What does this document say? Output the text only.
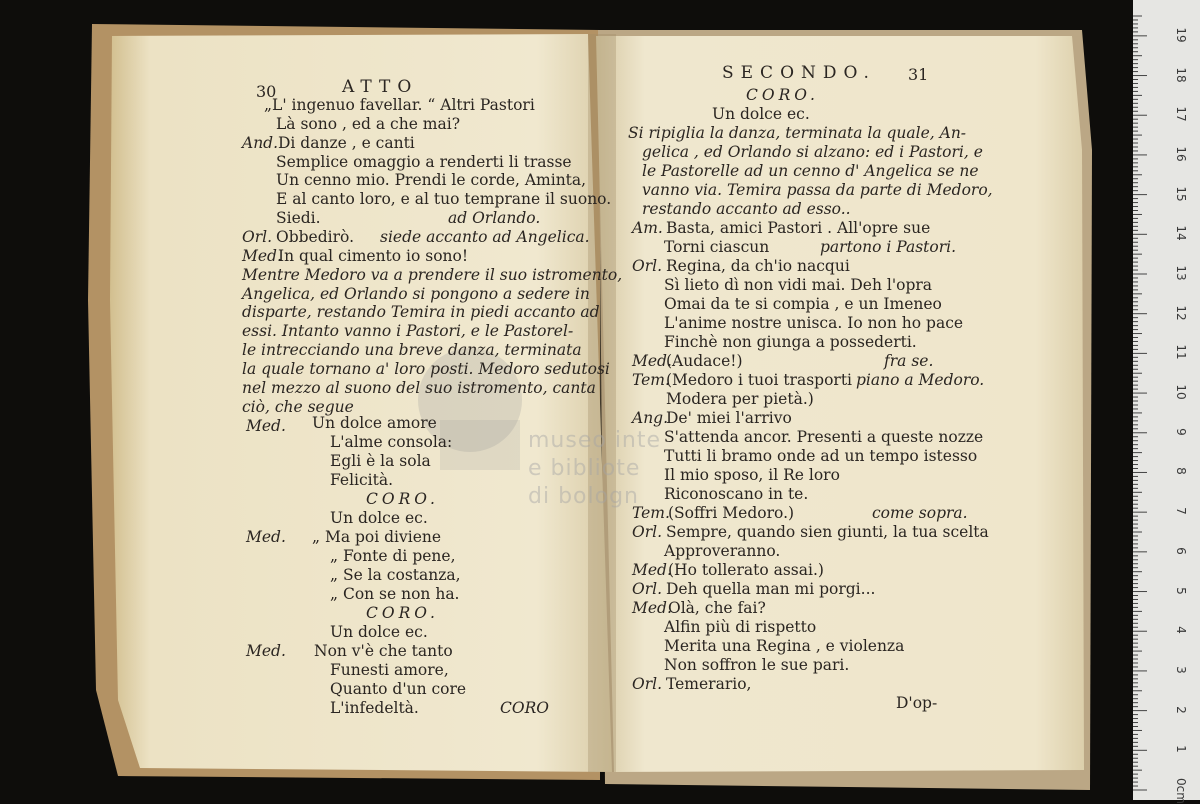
museo inte
e bibliote
di bologn
30	ATTO
„L' ingenuo favellar. “ Altri Pastori
Là sono , ed a che mai?
And. Di danze , e canti
Semplice omaggio a renderti li trasse
Un cenno mio. Prendi le corde, Aminta,
E al canto loro, e al tuo temprane il suono.
Siedi.	ad Orlando.
Orl. Obbedirò. siede accanto ad Angelica.
Med.
In qual cimento io sono!
Mentre Medoro va a prendere il suo istromento,
Angelica, ed Orlando si pongono a sedere in
disparte, restando Temira in piedi accanto ad
essi. Intanto vanno i Pastori, e le Pastorel-
le intrecciando una breve danza, terminata
la quale tornano a' loro posti. Medoro sedutosi
nel mezzo al suono del suo istromento, canta
ciò, che segue
Med. Un dolce amore
L'alme consola:
Egli è la sola
Felicità.
CORO.
Un dolce ec.
Med. „ Ma poi diviene
„ Fonte di pene,
„ Se la costanza,
„ Con se non ha.
CORO.
Un dolce ec.
Med. Non v'è che tanto
Funesti amore,
Quanto d'un core
L'infedeltà.	CORO
SECONDO. 31
CORO.
Un dolce ec.
Si ripiglia la danza, terminata la quale, An-
gelica , ed Orlando si alzano: ed i Pastori, e
le Pastorelle ad un cenno d' Angelica se ne
vanno via. Temira passa da parte di Medoro,
restando accanto ad esso..
Am. Basta, amici Pastori . All'opre sue
Torni ciascun	partono i Pastori.
Orl. Regina, da ch'io nacqui
Sì lieto dì non vidi mai. Deh l'opra
Omai da te si compia , e un Imeneo
L'anime nostre unisca. Io non ho pace
Finchè non giunga a possederti.
Med.
(Audace!)	fra se.
Tem.
(Medoro i tuoi trasporti piano a Medoro.
Modera per pietà.)
Ang.
De' miei l'arrivo
S'attenda ancor. Presenti a queste nozze
Tutti li bramo onde ad un tempo istesso
Il mio sposo, il Re loro
Riconoscano in te.
Tem.
(Soffri Medoro.)	come sopra.
Orl. Sempre, quando sien giunti, la tua scelta
Approveranno.
Med.
(Ho tollerato assai.)
Orl. Deh quella man mi porgi...
Med.
Olà, che fai?
Alfin più di rispetto
Merita una Regina , e violenza
Non soffron le sue pari.
Orl. Temerario,
D'op-
0cm
1
2
3
4
5
6
7
8
9
10
11
12
13
14
15
16
17
18
19
